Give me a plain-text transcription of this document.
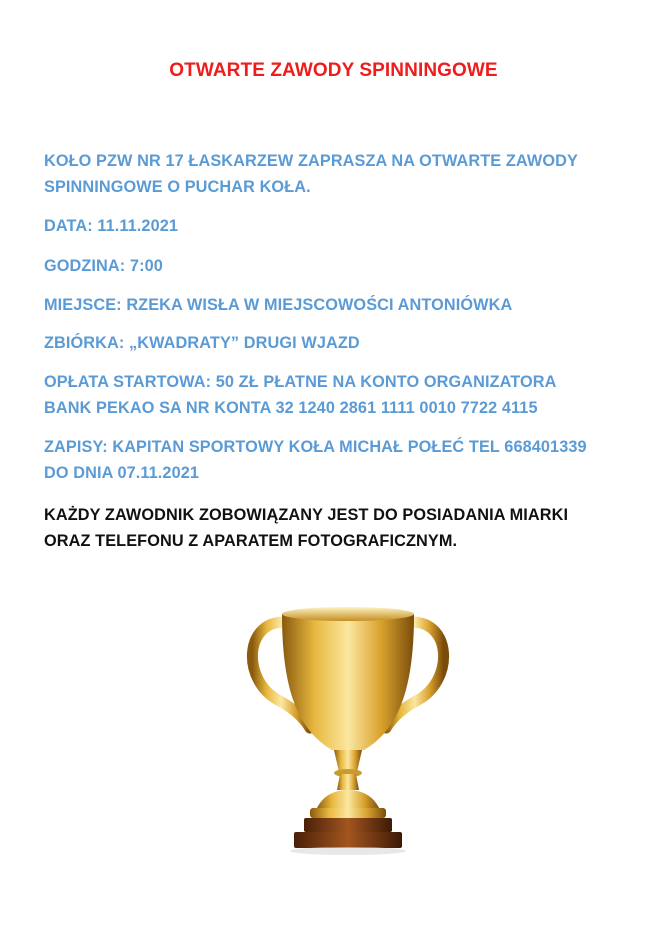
OTWARTE ZAWODY SPINNINGOWE
KOŁO PZW NR 17 ŁASKARZEW ZAPRASZA NA OTWARTE ZAWODY
SPINNINGOWE O PUCHAR KOŁA.
DATA: 11.11.2021
GODZINA: 7:00
MIEJSCE: RZEKA WISŁA W MIEJSCOWOŚCI ANTONIÓWKA
ZBIÓRKA: „KWADRATY” DRUGI WJAZD
OPŁATA STARTOWA: 50 ZŁ PŁATNE NA KONTO ORGANIZATORA
BANK PEKAO SA NR KONTA 32 1240 2861 1111 0010 7722 4115
ZAPISY: KAPITAN SPORTOWY KOŁA MICHAŁ POŁEĆ TEL 668401339
DO DNIA 07.11.2021
KAŻDY ZAWODNIK ZOBOWIĄZANY JEST DO POSIADANIA MIARKI
ORAZ TELEFONU Z APARATEM FOTOGRAFICZNYM.
